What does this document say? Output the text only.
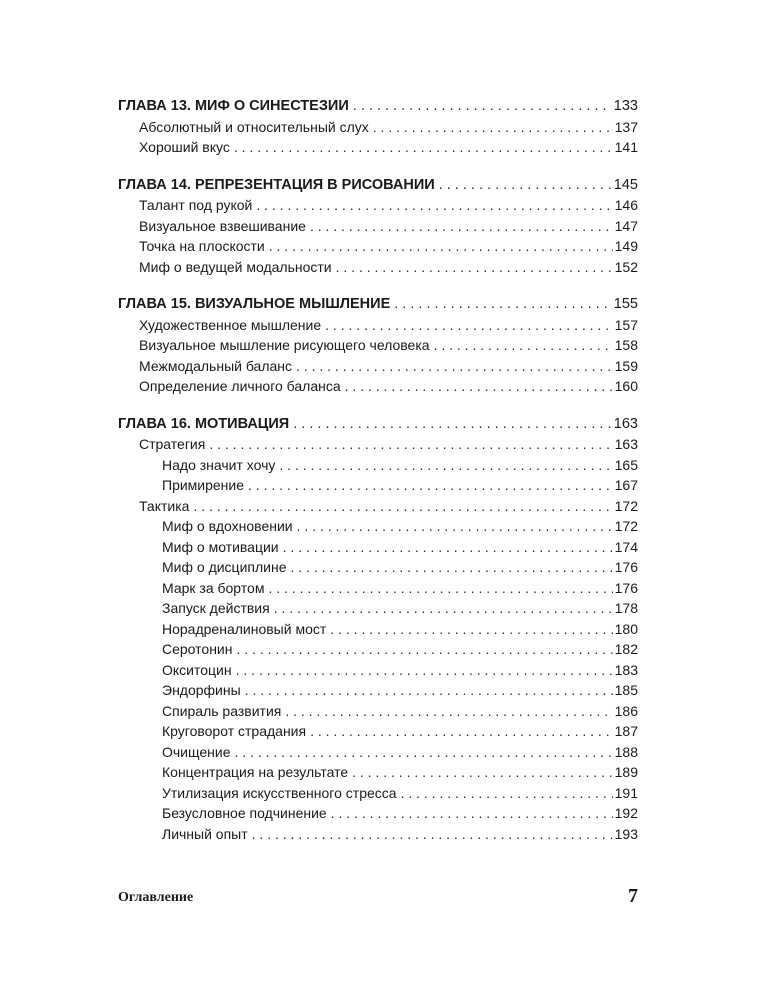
ГЛАВА 13. МИФ О СИНЕСТЕЗИИ . . .	133
Абсолютный и относительный слух . . .	137
Хороший вкус . . .	141
ГЛАВА 14. РЕПРЕЗЕНТАЦИЯ В РИСОВАНИИ . . .	145
Талант под рукой . . .	146
Визуальное взвешивание . . .	147
Точка на плоскости . . .	149
Миф о ведущей модальности . . .	152
ГЛАВА 15. ВИЗУАЛЬНОЕ МЫШЛЕНИЕ . . .	155
Художественное мышление . . .	157
Визуальное мышление рисующего человека . . .	158
Межмодальный баланс . . .	159
Определение личного баланса . . .	160
ГЛАВА 16. МОТИВАЦИЯ . . .	163
Стратегия . . .	163
Надо значит хочу . . .	165
Примирение . . .	167
Тактика . . .	172
Миф о вдохновении . . .	172
Миф о мотивации . . .	174
Миф о дисциплине . . .	176
Марк за бортом . . .	176
Запуск действия . . .	178
Норадреналиновый мост . . .	180
Серотонин . . .	182
Окситоцин . . .	183
Эндорфины . . .	185
Спираль развития . . .	186
Круговорот страдания . . .	187
Очищение . . .	188
Концентрация на результате . . .	189
Утилизация искусственного стресса . . .	191
Безусловное подчинение . . .	192
Личный опыт . . .	193
Оглавление	7
